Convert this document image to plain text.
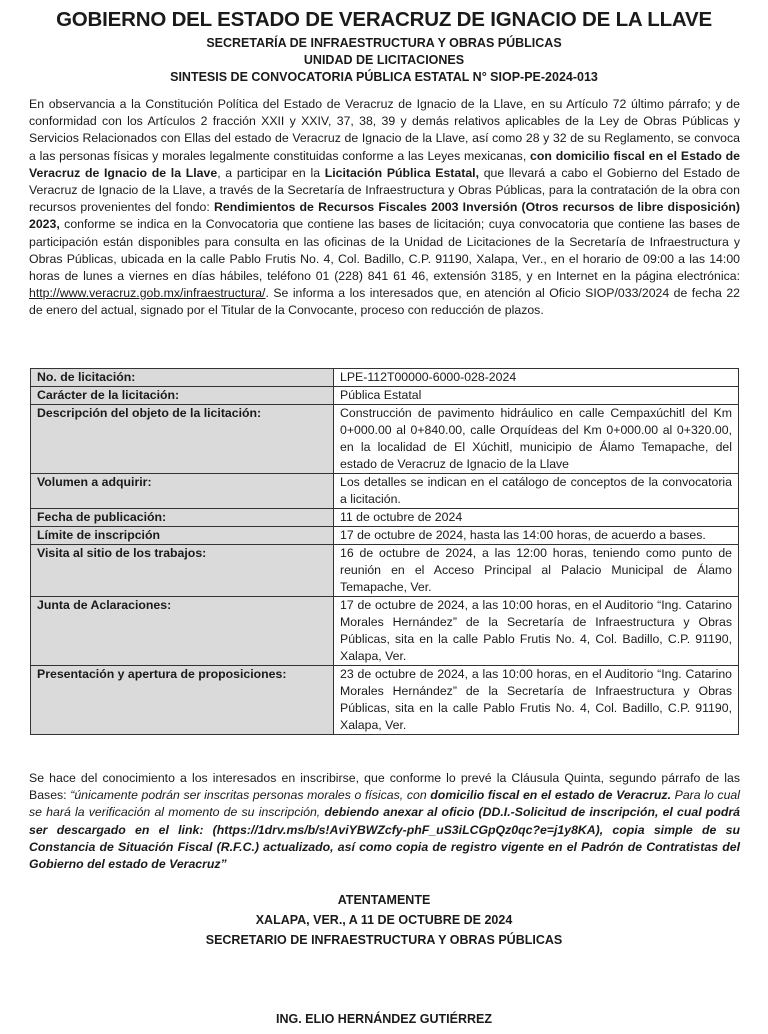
GOBIERNO DEL ESTADO DE VERACRUZ DE IGNACIO DE LA LLAVE
SECRETARÍA DE INFRAESTRUCTURA Y OBRAS PÚBLICAS
UNIDAD DE LICITACIONES
SINTESIS DE CONVOCATORIA PÚBLICA ESTATAL N° SIOP-PE-2024-013
En observancia a la Constitución Política del Estado de Veracruz de Ignacio de la Llave, en su Artículo 72 último párrafo; y de conformidad con los Artículos 2 fracción XXII y XXIV, 37, 38, 39 y demás relativos aplicables de la Ley de Obras Públicas y Servicios Relacionados con Ellas del estado de Veracruz de Ignacio de la Llave, así como 28 y 32 de su Reglamento, se convoca a las personas físicas y morales legalmente constituidas conforme a las Leyes mexicanas, con domicilio fiscal en el Estado de Veracruz de Ignacio de la Llave, a participar en la Licitación Pública Estatal, que llevará a cabo el Gobierno del Estado de Veracruz de Ignacio de la Llave, a través de la Secretaría de Infraestructura y Obras Públicas, para la contratación de la obra con recursos provenientes del fondo: Rendimientos de Recursos Fiscales 2003 Inversión (Otros recursos de libre disposición) 2023, conforme se indica en la Convocatoria que contiene las bases de licitación; cuya convocatoria que contiene las bases de participación están disponibles para consulta en las oficinas de la Unidad de Licitaciones de la Secretaría de Infraestructura y Obras Públicas, ubicada en la calle Pablo Frutis No. 4, Col. Badillo, C.P. 91190, Xalapa, Ver., en el horario de 09:00 a las 14:00 horas de lunes a viernes en días hábiles, teléfono 01 (228) 841 61 46, extensión 3185, y en Internet en la página electrónica: http://www.veracruz.gob.mx/infraestructura/. Se informa a los interesados que, en atención al Oficio SIOP/033/2024 de fecha 22 de enero del actual, signado por el Titular de la Convocante, proceso con reducción de plazos.
No. de licitación:	LPE-112T00000-6000-028-2024
Carácter de la licitación:	Pública Estatal
Descripción del objeto de la licitación:	Construcción de pavimento hidráulico en calle Cempaxúchitl del Km 0+000.00 al 0+840.00, calle Orquídeas del Km 0+000.00 al 0+320.00, en la localidad de El Xúchitl, municipio de Álamo Temapache, del estado de Veracruz de Ignacio de la Llave
Volumen a adquirir:	Los detalles se indican en el catálogo de conceptos de la convocatoria a licitación.
Fecha de publicación:	11 de octubre de 2024
Límite de inscripción	17 de octubre de 2024, hasta las 14:00 horas, de acuerdo a bases.
Visita al sitio de los trabajos:	16 de octubre de 2024, a las 12:00 horas, teniendo como punto de reunión en el Acceso Principal al Palacio Municipal de Álamo Temapache, Ver.
Junta de Aclaraciones:	17 de octubre de 2024, a las 10:00 horas, en el Auditorio “Ing. Catarino Morales Hernández” de la Secretaría de Infraestructura y Obras Públicas, sita en la calle Pablo Frutis No. 4, Col. Badillo, C.P. 91190, Xalapa, Ver.
Presentación y apertura de proposiciones:	23 de octubre de 2024, a las 10:00 horas, en el Auditorio “Ing. Catarino Morales Hernández” de la Secretaría de Infraestructura y Obras Públicas, sita en la calle Pablo Frutis No. 4, Col. Badillo, C.P. 91190, Xalapa, Ver.
Se hace del conocimiento a los interesados en inscribirse, que conforme lo prevé la Cláusula Quinta, segundo párrafo de las Bases: “únicamente podrán ser inscritas personas morales o físicas, con domicilio fiscal en el estado de Veracruz. Para lo cual se hará la verificación al momento de su inscripción, debiendo anexar al oficio (DD.I.-Solicitud de inscripción, el cual podrá ser descargado en el link: (https://1drv.ms/b/s!AviYBWZcfy-phF_uS3iLCGpQz0qc?e=j1y8KA), copia simple de su Constancia de Situación Fiscal (R.F.C.) actualizado, así como copia de registro vigente en el Padrón de Contratistas del Gobierno del estado de Veracruz”
ATENTAMENTE
XALAPA, VER., A 11 DE OCTUBRE DE 2024
SECRETARIO DE INFRAESTRUCTURA Y OBRAS PÚBLICAS
ING. ELIO HERNÁNDEZ GUTIÉRREZ
